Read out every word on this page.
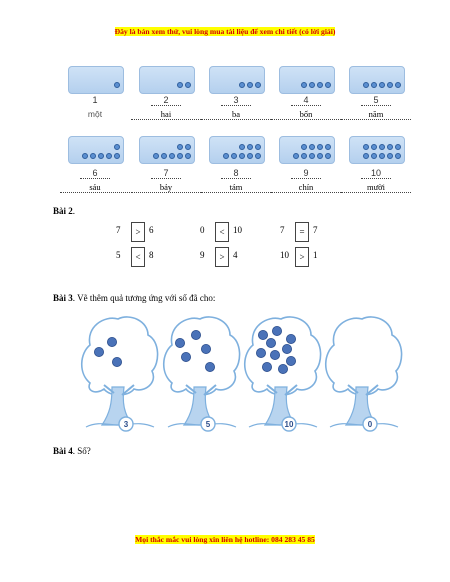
Đây là bản xem thử, vui lòng mua tài liệu để xem chi tiết (có lời giải)
Mọi thắc mắc vui lòng xin liên hệ hotline: 084 283 45 85
1
một
2
hai
3
ba
4
bốn
5
năm
6
sáu
7
bảy
8
tám
9
chín
10
mười
Bài 2.
7	> 6	0	< 10	7	= 7
5	< 8	9	> 4	10	> 1
Bài 3. Vẽ thêm quả tương ứng với số đã cho:
3	5	10	0
Bài 4. Số?
